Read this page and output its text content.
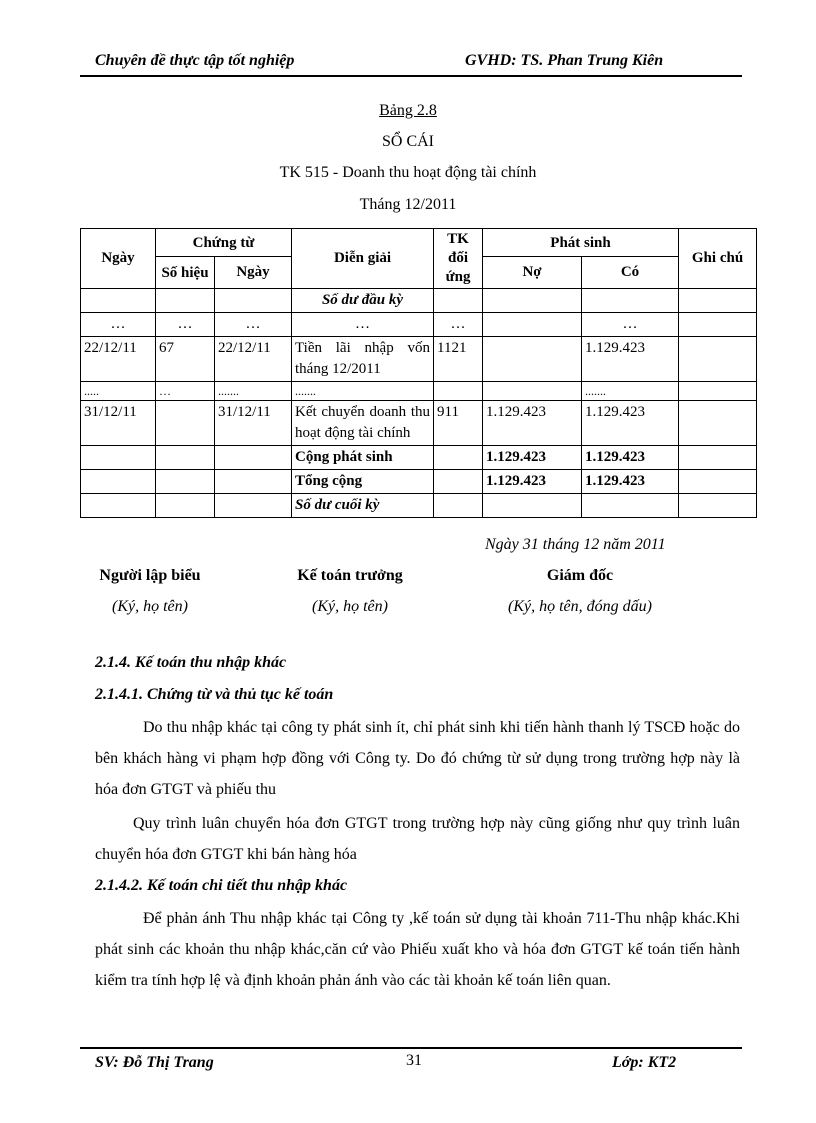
Chuyên đề thực tập tốt nghiệp	GVHD: TS. Phan Trung Kiên
Bảng 2.8
SỔ CÁI
TK 515 - Doanh thu hoạt động tài chính
Tháng 12/2011
Ngày	Chứng từ		Diễn giải	TK đối ứng	Phát sinh		Ghi chú
	Số hiệu	Ngày			Nợ	Có	
			Số dư đầu kỳ				
…	…	…	…	…		…	
22/12/11	67	22/12/11	Tiền lãi nhập vốn tháng 12/2011	1121		1.129.423	
.....	…	.......	.......			.......	
31/12/11		31/12/11	Kết chuyển doanh thu hoạt động tài chính	911	1.129.423	1.129.423	
			Cộng phát sinh		1.129.423	1.129.423	
			Tổng cộng		1.129.423	1.129.423	
			Số dư cuối kỳ				
Ngày 31 tháng 12 năm 2011
Người lập biểu
(Ký, họ tên)
Kế toán trưởng
(Ký, họ tên)
Giám đốc
(Ký, họ tên, đóng dấu)
2.1.4. Kế toán thu nhập khác
2.1.4.1. Chứng từ và thủ tục kế toán
Do thu nhập khác tại công ty phát sinh ít, chỉ phát sinh khi tiến hành thanh lý TSCĐ hoặc do bên khách hàng vi phạm hợp đồng với Công ty. Do đó chứng từ sử dụng trong trường hợp này là hóa đơn GTGT và phiếu thu
Quy trình luân chuyển hóa đơn GTGT trong trường hợp này cũng giống như quy trình luân chuyển hóa đơn GTGT khi bán hàng hóa
2.1.4.2. Kế toán chi tiết thu nhập khác
Để phản ánh Thu nhập khác tại Công ty ,kế toán sử dụng tài khoản 711-Thu nhập khác.Khi phát sinh các khoản thu nhập khác,căn cứ vào Phiếu xuất kho và hóa đơn GTGT kế toán tiến hành kiểm tra tính hợp lệ và định khoản phản ánh vào các tài khoản kế toán liên quan.
SV: Đỗ Thị Trang	31	Lớp: KT2
